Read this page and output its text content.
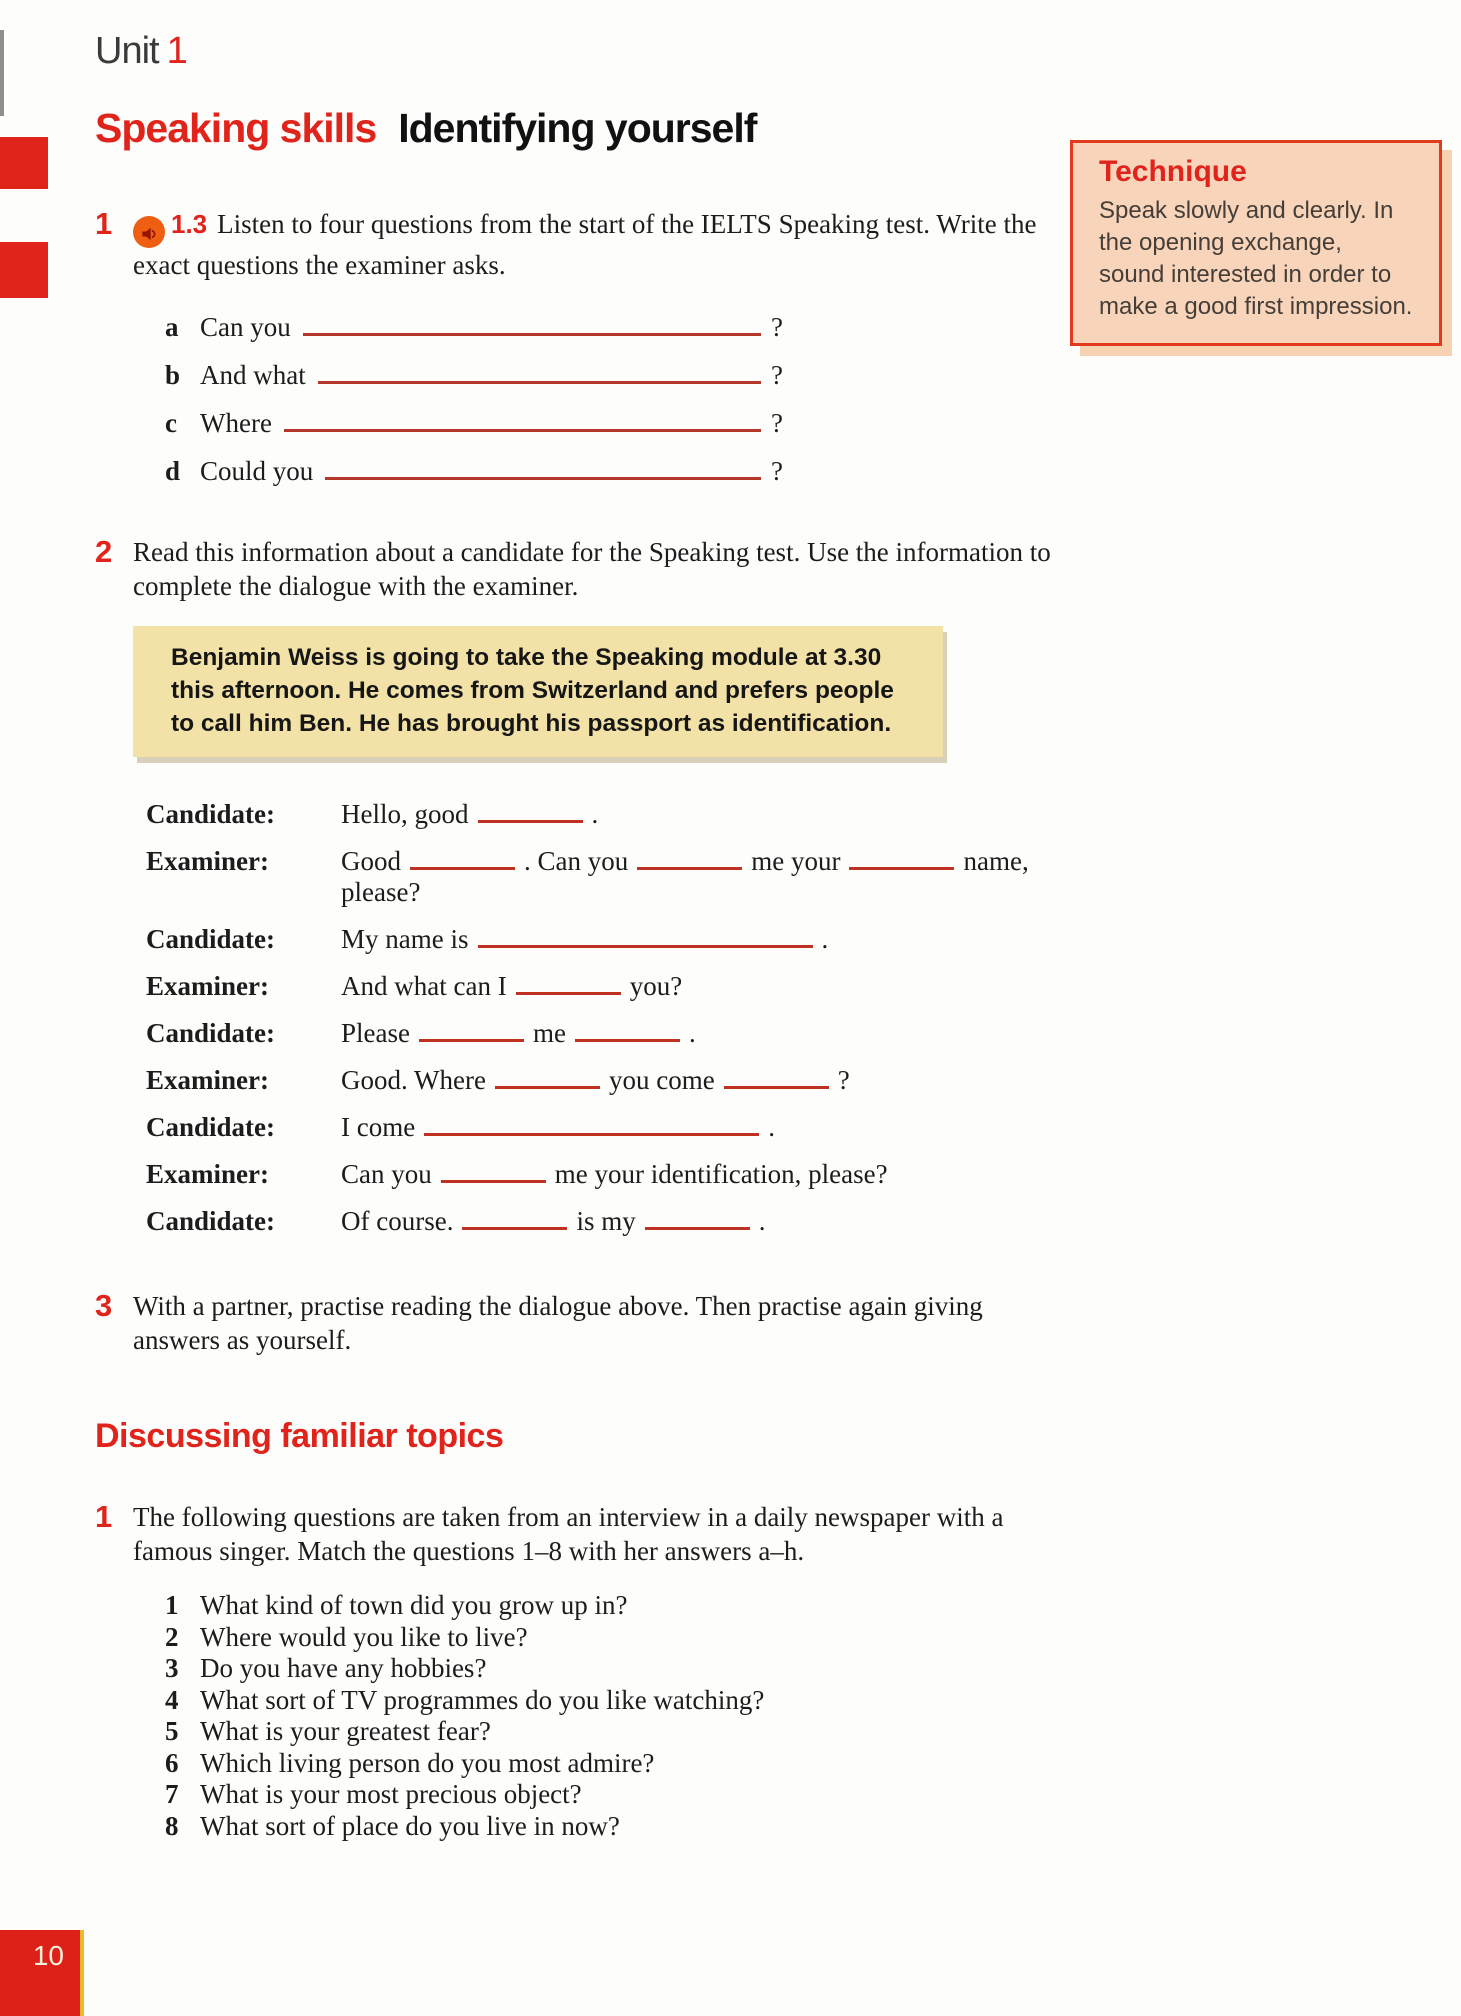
Technique

Speak slowly and clearly. In the opening exchange, sound interested in order to make a good first impression.

Unit 1
Speaking skills Identifying yourself
1	1.3 Listen to four questions from the start of the IELTS Speaking test. Write the exact questions the examiner asks.

a Can you	?
b And what	?
c Where	?
d Could you	?
2 Read this information about a candidate for the Speaking test. Use the information to complete the dialogue with the examiner.

Benjamin Weiss is going to take the Speaking module at 3.30 this afternoon. He comes from Switzerland and prefers people to call him Ben. He has brought his passport as identification.
Candidate:	Hello, good	.
Examiner:	Good	. Can you	me your	name, please?
Candidate:	My name is	.
Examiner:	And what can I	you?
Candidate:	Please	me	.
Examiner:	Good. Where	you come	?
Candidate:	I come	.
Examiner:	Can you	me your identification, please?
Candidate:	Of course.	is my	.
3 With a partner, practise reading the dialogue above. Then practise again giving answers as yourself.

Discussing familiar topics
1 The following questions are taken from an interview in a daily newspaper with a famous singer. Match the questions 1–8 with her answers a–h.

1 What kind of town did you grow up in?
2 Where would you like to live?
3 Do you have any hobbies?
4 What sort of TV programmes do you like watching?
5 What is your greatest fear?
6 Which living person do you most admire?
7 What is your most precious object?
8 What sort of place do you live in now?
10
